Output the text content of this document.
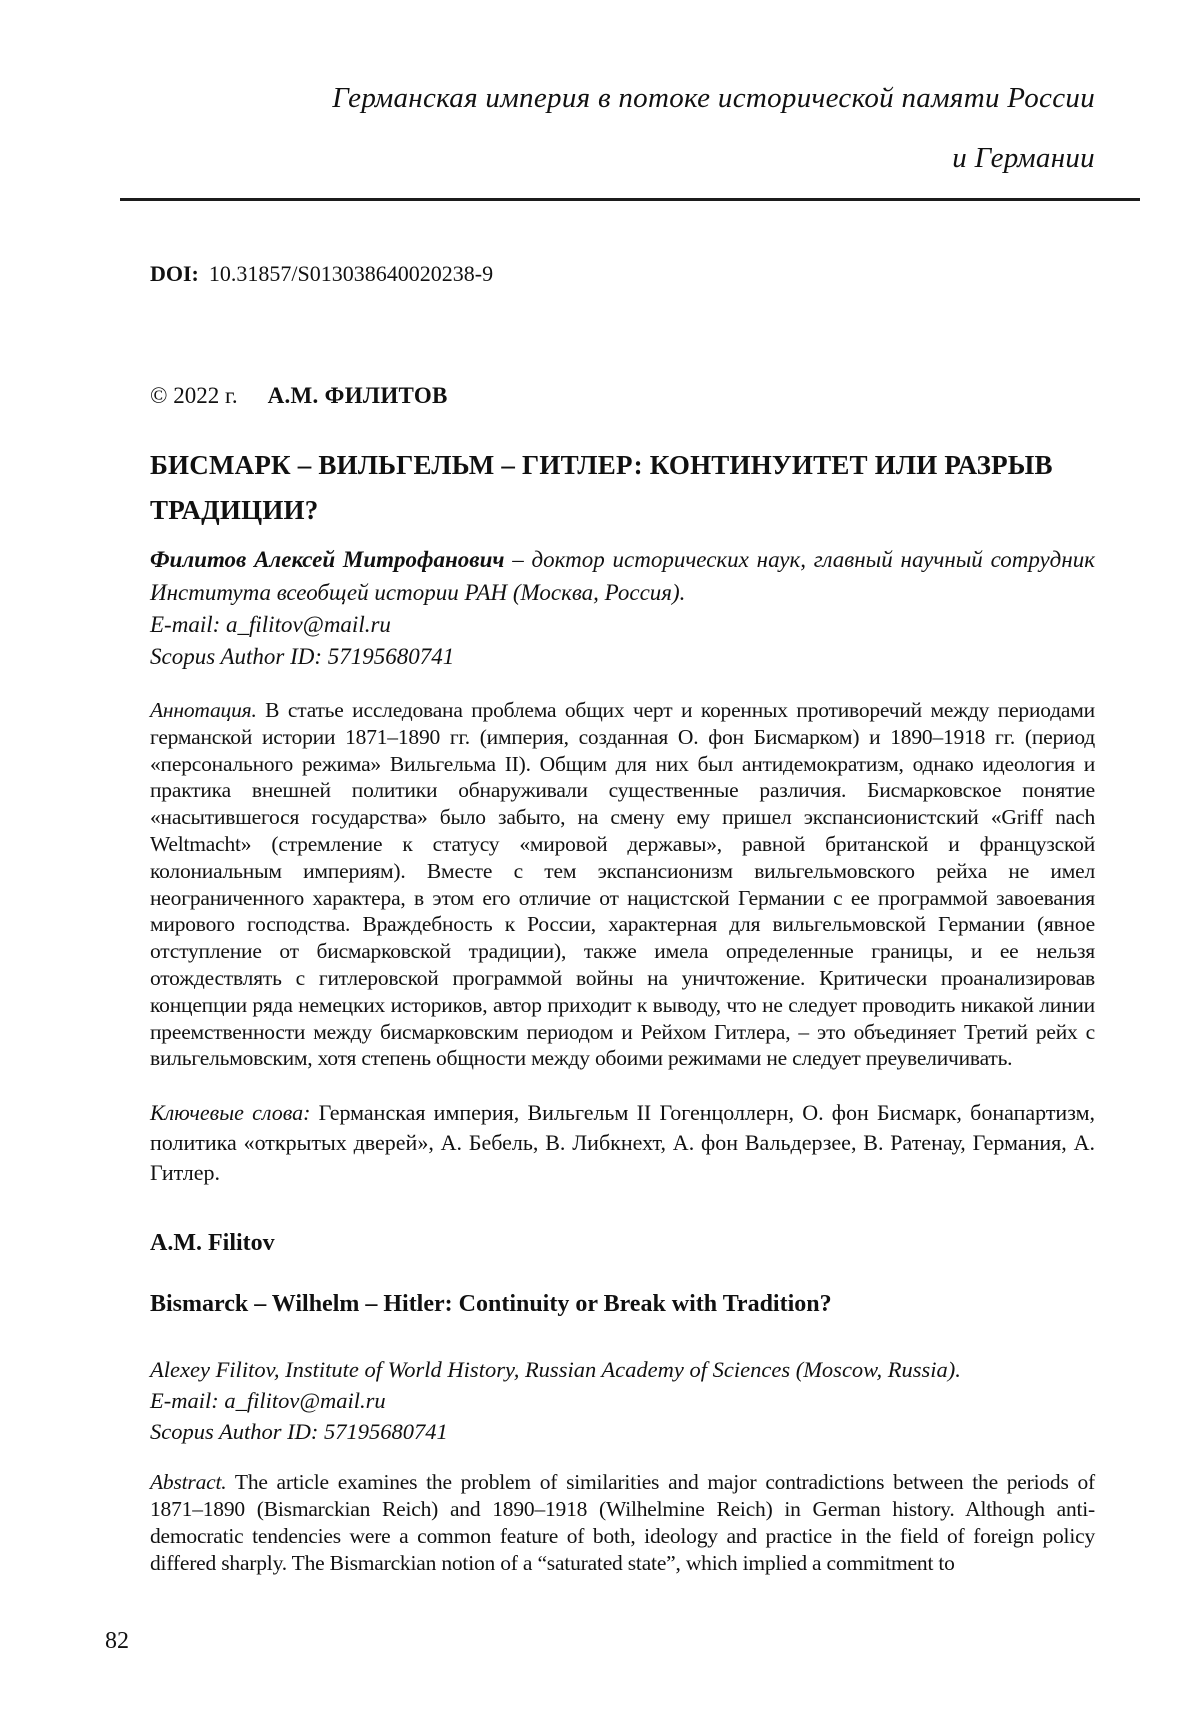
Германская империя в потоке исторической памяти России
и Германии
DOI: 10.31857/S013038640020238-9
© 2022 г. А.М. ФИЛИТОВ
БИСМАРК – ВИЛЬГЕЛЬМ – ГИТЛЕР: КОНТИНУИТЕТ ИЛИ РАЗРЫВ ТРАДИЦИИ?

Филитов Алексей Митрофанович – доктор исторических наук, главный научный сотрудник Института всеобщей истории РАН (Москва, Россия).

E-mail: a_filitov@mail.ru

Scopus Author ID: 57195680741

Аннотация. В статье исследована проблема общих черт и коренных противоречий между периодами германской истории 1871–1890 гг. (империя, созданная О. фон Бисмарком) и 1890–1918 гг. (период «персонального режима» Вильгельма II). Общим для них был антидемократизм, однако идеология и практика внешней политики обнаруживали существенные различия. Бисмарковское понятие «насытившегося государства» было забыто, на смену ему пришел экспансионистский «Griff nach Weltmacht» (стремление к статусу «мировой державы», равной британской и французской колониальным империям). Вместе с тем экспансионизм вильгельмовского рейха не имел неограниченного характера, в этом его отличие от нацистской Германии с ее программой завоевания мирового господства. Враждебность к России, характерная для вильгельмовской Германии (явное отступление от бисмарковской традиции), также имела определенные границы, и ее нельзя отождествлять с гитлеровской программой войны на уничтожение. Критически проанализировав концепции ряда немецких историков, автор приходит к выводу, что не следует проводить никакой линии преемственности между бисмарковским периодом и Рейхом Гитлера, – это объединяет Третий рейх с вильгельмовским, хотя степень общности между обоими режимами не следует преувеличивать.

Ключевые слова: Германская империя, Вильгельм II Гогенцоллерн, О. фон Бисмарк, бонапартизм, политика «открытых дверей», А. Бебель, В. Либкнехт, А. фон Вальдерзее, В. Ратенау, Германия, А. Гитлер.

A.M. Filitov

Bismarck – Wilhelm – Hitler: Continuity or Break with Tradition?

Alexey Filitov, Institute of World History, Russian Academy of Sciences (Moscow, Russia).

E-mail: a_filitov@mail.ru

Scopus Author ID: 57195680741

Abstract. The article examines the problem of similarities and major contradictions between the periods of 1871–1890 (Bismarckian Reich) and 1890–1918 (Wilhelmine Reich) in German history. Although anti-democratic tendencies were a common feature of both, ideology and practice in the field of foreign policy differed sharply. The Bismarckian notion of a “saturated state”, which implied a commitment to

82
